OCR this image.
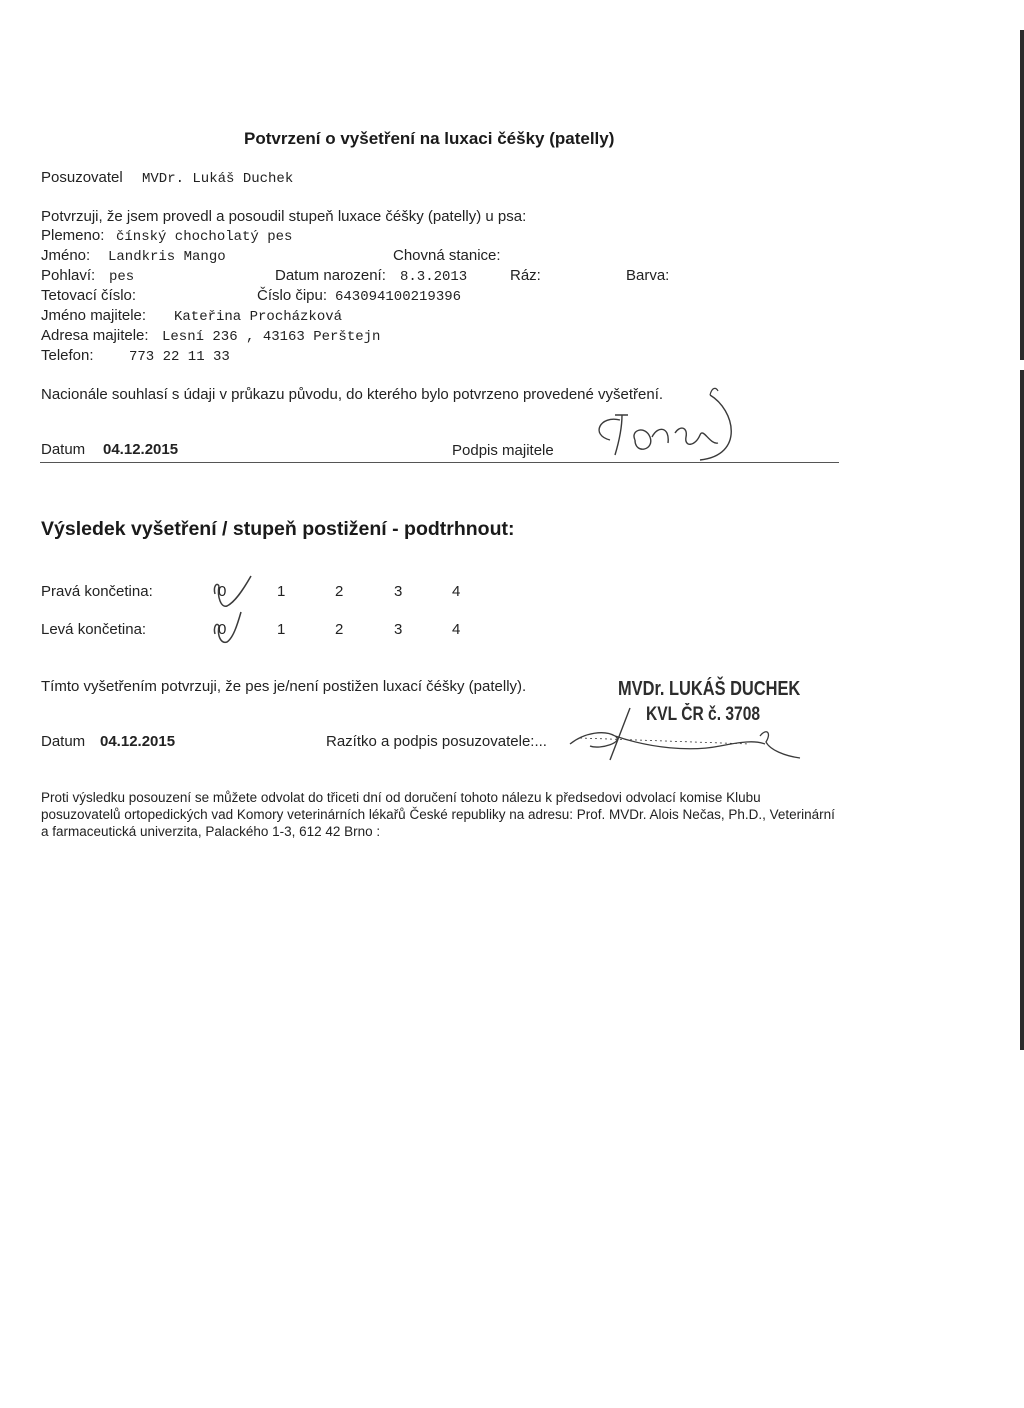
Potvrzení o vyšetření na luxaci čéšky (patelly)
Posuzovatel MVDr. Lukáš Duchek
Potvrzuji, že jsem provedl a posoudil stupeň luxace čéšky (patelly) u psa:
Plemeno: čínský chocholatý pes
Jméno: Landkris Mango	Chovná stanice:
Pohlaví: pes	Datum narození: 8.3.2013	Ráz:	Barva:
Tetovací číslo:	Číslo čipu: 643094100219396
Jméno majitele: Kateřina Procházková
Adresa majitele: Lesní 236 , 43163 Perštejn
Telefon:	773 22 11 33
Nacionále souhlasí s údaji v průkazu původu, do kterého bylo potvrzeno provedené vyšetření.
Datum 04.12.2015	Podpis majitele
Výsledek vyšetření / stupeň postižení - podtrhnout:
Pravá končetina:	0	1	2	3	4
Levá končetina:	0	1	2	3	4
Tímto vyšetřením potvrzuji, že pes je/není postižen luxací čéšky (patelly).	MVDr. LUKÁŠ DUCHEK
KVL ČR č. 3708
Datum 04.12.2015	Razítko a podpis posuzovatele:...
Proti výsledku posouzení se můžete odvolat do třiceti dní od doručení tohoto nálezu k předsedovi odvolací komise Klubu posuzovatelů ortopedických vad Komory veterinárních lékařů České republiky na adresu: Prof. MVDr. Alois Nečas, Ph.D., Veterinární a farmaceutická univerzita, Palackého 1-3, 612 42 Brno :
